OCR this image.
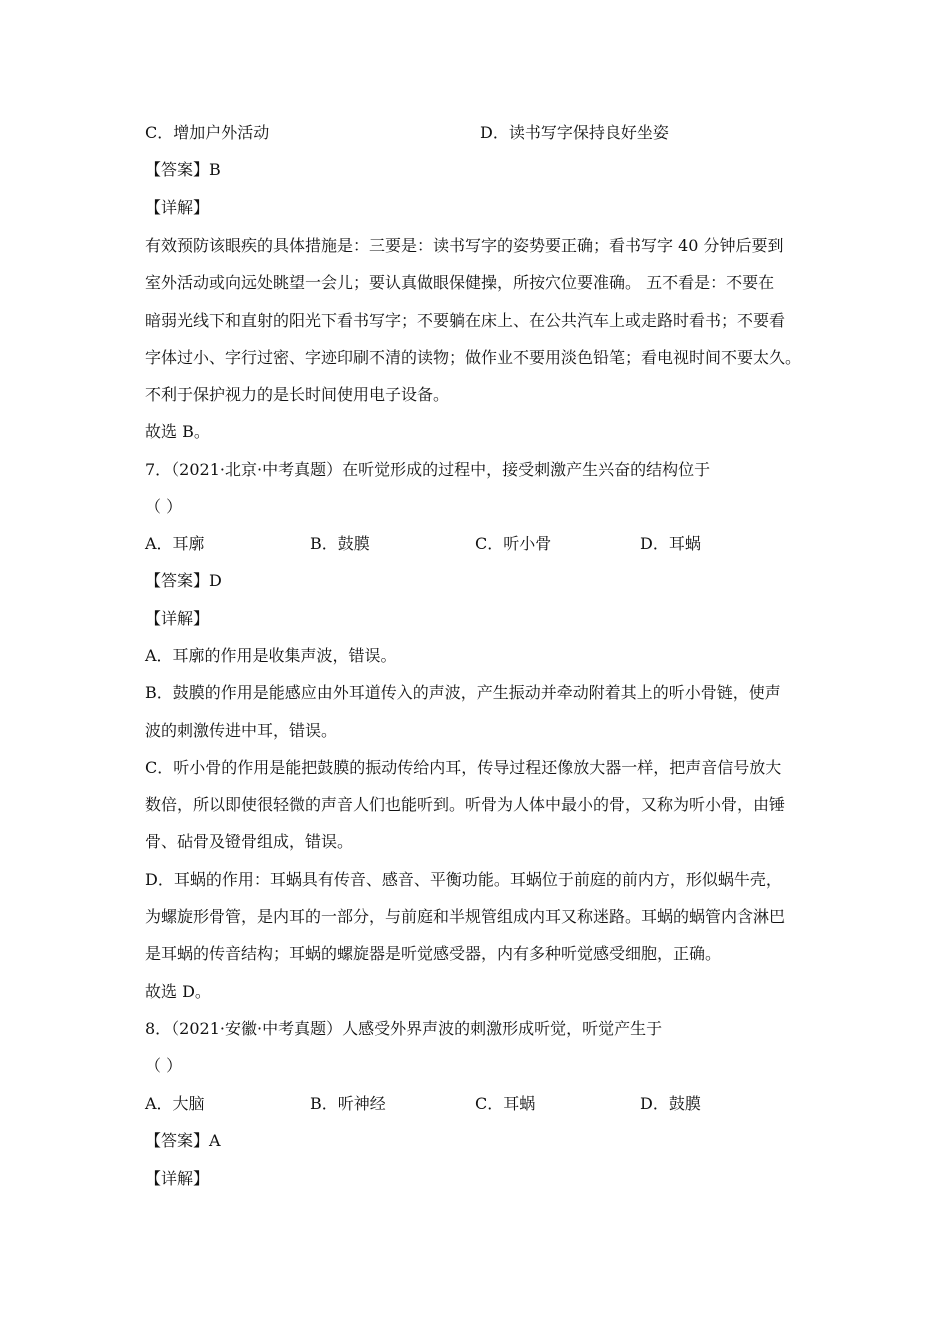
C．增加户外活动	D．读书写字保持良好坐姿
【答案】B
【详解】
有效预防该眼疾的具体措施是：三要是：读书写字的姿势要正确；看书写字 40 分钟后要到
室外活动或向远处眺望一会儿；要认真做眼保健操，所按穴位要准确。 五不看是：不要在
暗弱光线下和直射的阳光下看书写字；不要躺在床上、在公共汽车上或走路时看书；不要看
字体过小、字行过密、字迹印刷不清的读物；做作业不要用淡色铅笔；看电视时间不要太久。
不利于保护视力的是长时间使用电子设备。
故选 B。
7．（2021·北京·中考真题）在听觉形成的过程中，接受刺激产生兴奋的结构位于
（ ）
A．耳廓	B．鼓膜	C．听小骨	D．耳蜗
【答案】D
【详解】
A．耳廓的作用是收集声波，错误。
B．鼓膜的作用是能感应由外耳道传入的声波，产生振动并牵动附着其上的听小骨链，使声
波的刺激传进中耳，错误。
C．听小骨的作用是能把鼓膜的振动传给内耳，传导过程还像放大器一样，把声音信号放大
数倍，所以即使很轻微的声音人们也能听到。听骨为人体中最小的骨，又称为听小骨，由锤
骨、砧骨及镫骨组成，错误。
D．耳蜗的作用：耳蜗具有传音、感音、平衡功能。耳蜗位于前庭的前内方，形似蜗牛壳，
为螺旋形骨管，是内耳的一部分，与前庭和半规管组成内耳又称迷路。耳蜗的蜗管内含淋巴
是耳蜗的传音结构；耳蜗的螺旋器是听觉感受器，内有多种听觉感受细胞，正确。
故选 D。
8．（2021·安徽·中考真题）人感受外界声波的刺激形成听觉，听觉产生于
（ ）
A．大脑	B．听神经	C．耳蜗	D．鼓膜
【答案】A
【详解】
